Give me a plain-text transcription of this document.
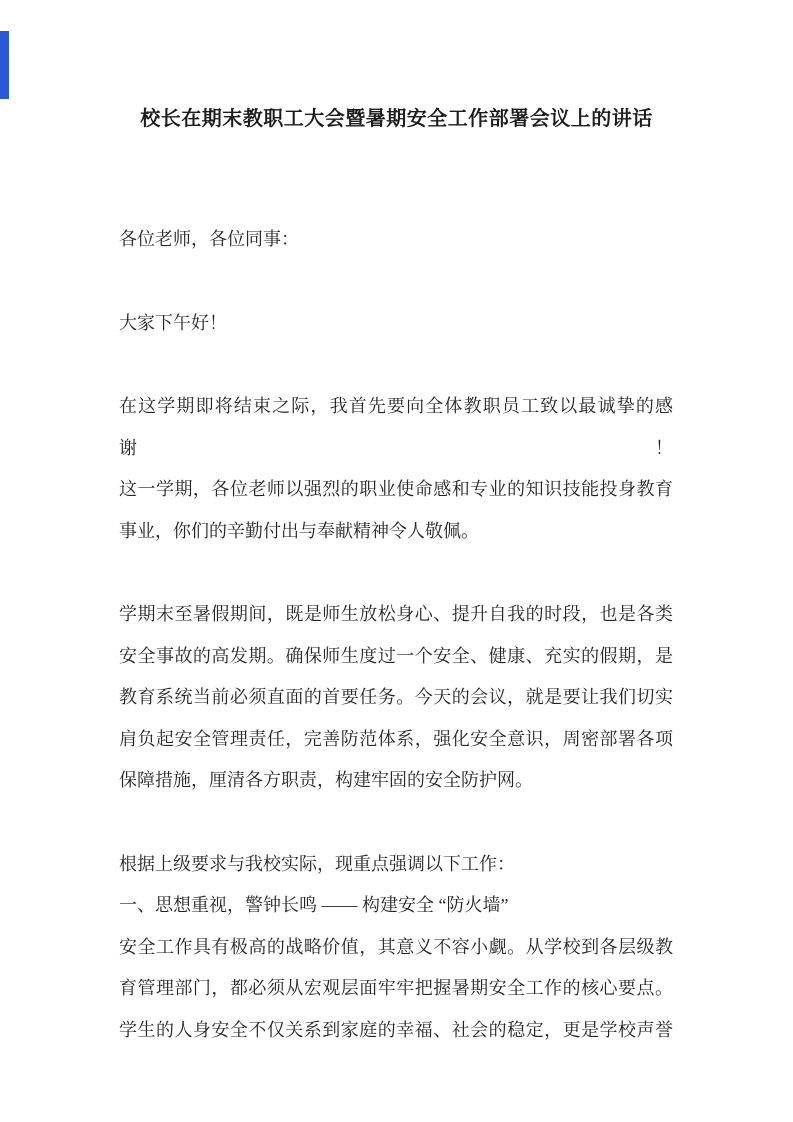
校长在期末教职工大会暨暑期安全工作部署会议上的讲话
各位老师，各位同事：
大家下午好！
在这学期即将结束之际，我首先要向全体教职员工致以最诚挚的感谢！
这一学期，各位老师以强烈的职业使命感和专业的知识技能投身教育
事业，你们的辛勤付出与奉献精神令人敬佩。
学期末至暑假期间，既是师生放松身心、提升自我的时段，也是各类
安全事故的高发期。确保师生度过一个安全、健康、充实的假期，是
教育系统当前必须直面的首要任务。今天的会议，就是要让我们切实
肩负起安全管理责任，完善防范体系，强化安全意识，周密部署各项
保障措施，厘清各方职责，构建牢固的安全防护网。
根据上级要求与我校实际，现重点强调以下工作：
一、思想重视，警钟长鸣 —— 构建安全 “防火墙”
安全工作具有极高的战略价值，其意义不容小觑。从学校到各层级教
育管理部门，都必须从宏观层面牢牢把握暑期安全工作的核心要点。
学生的人身安全不仅关系到家庭的幸福、社会的稳定，更是学校声誉
